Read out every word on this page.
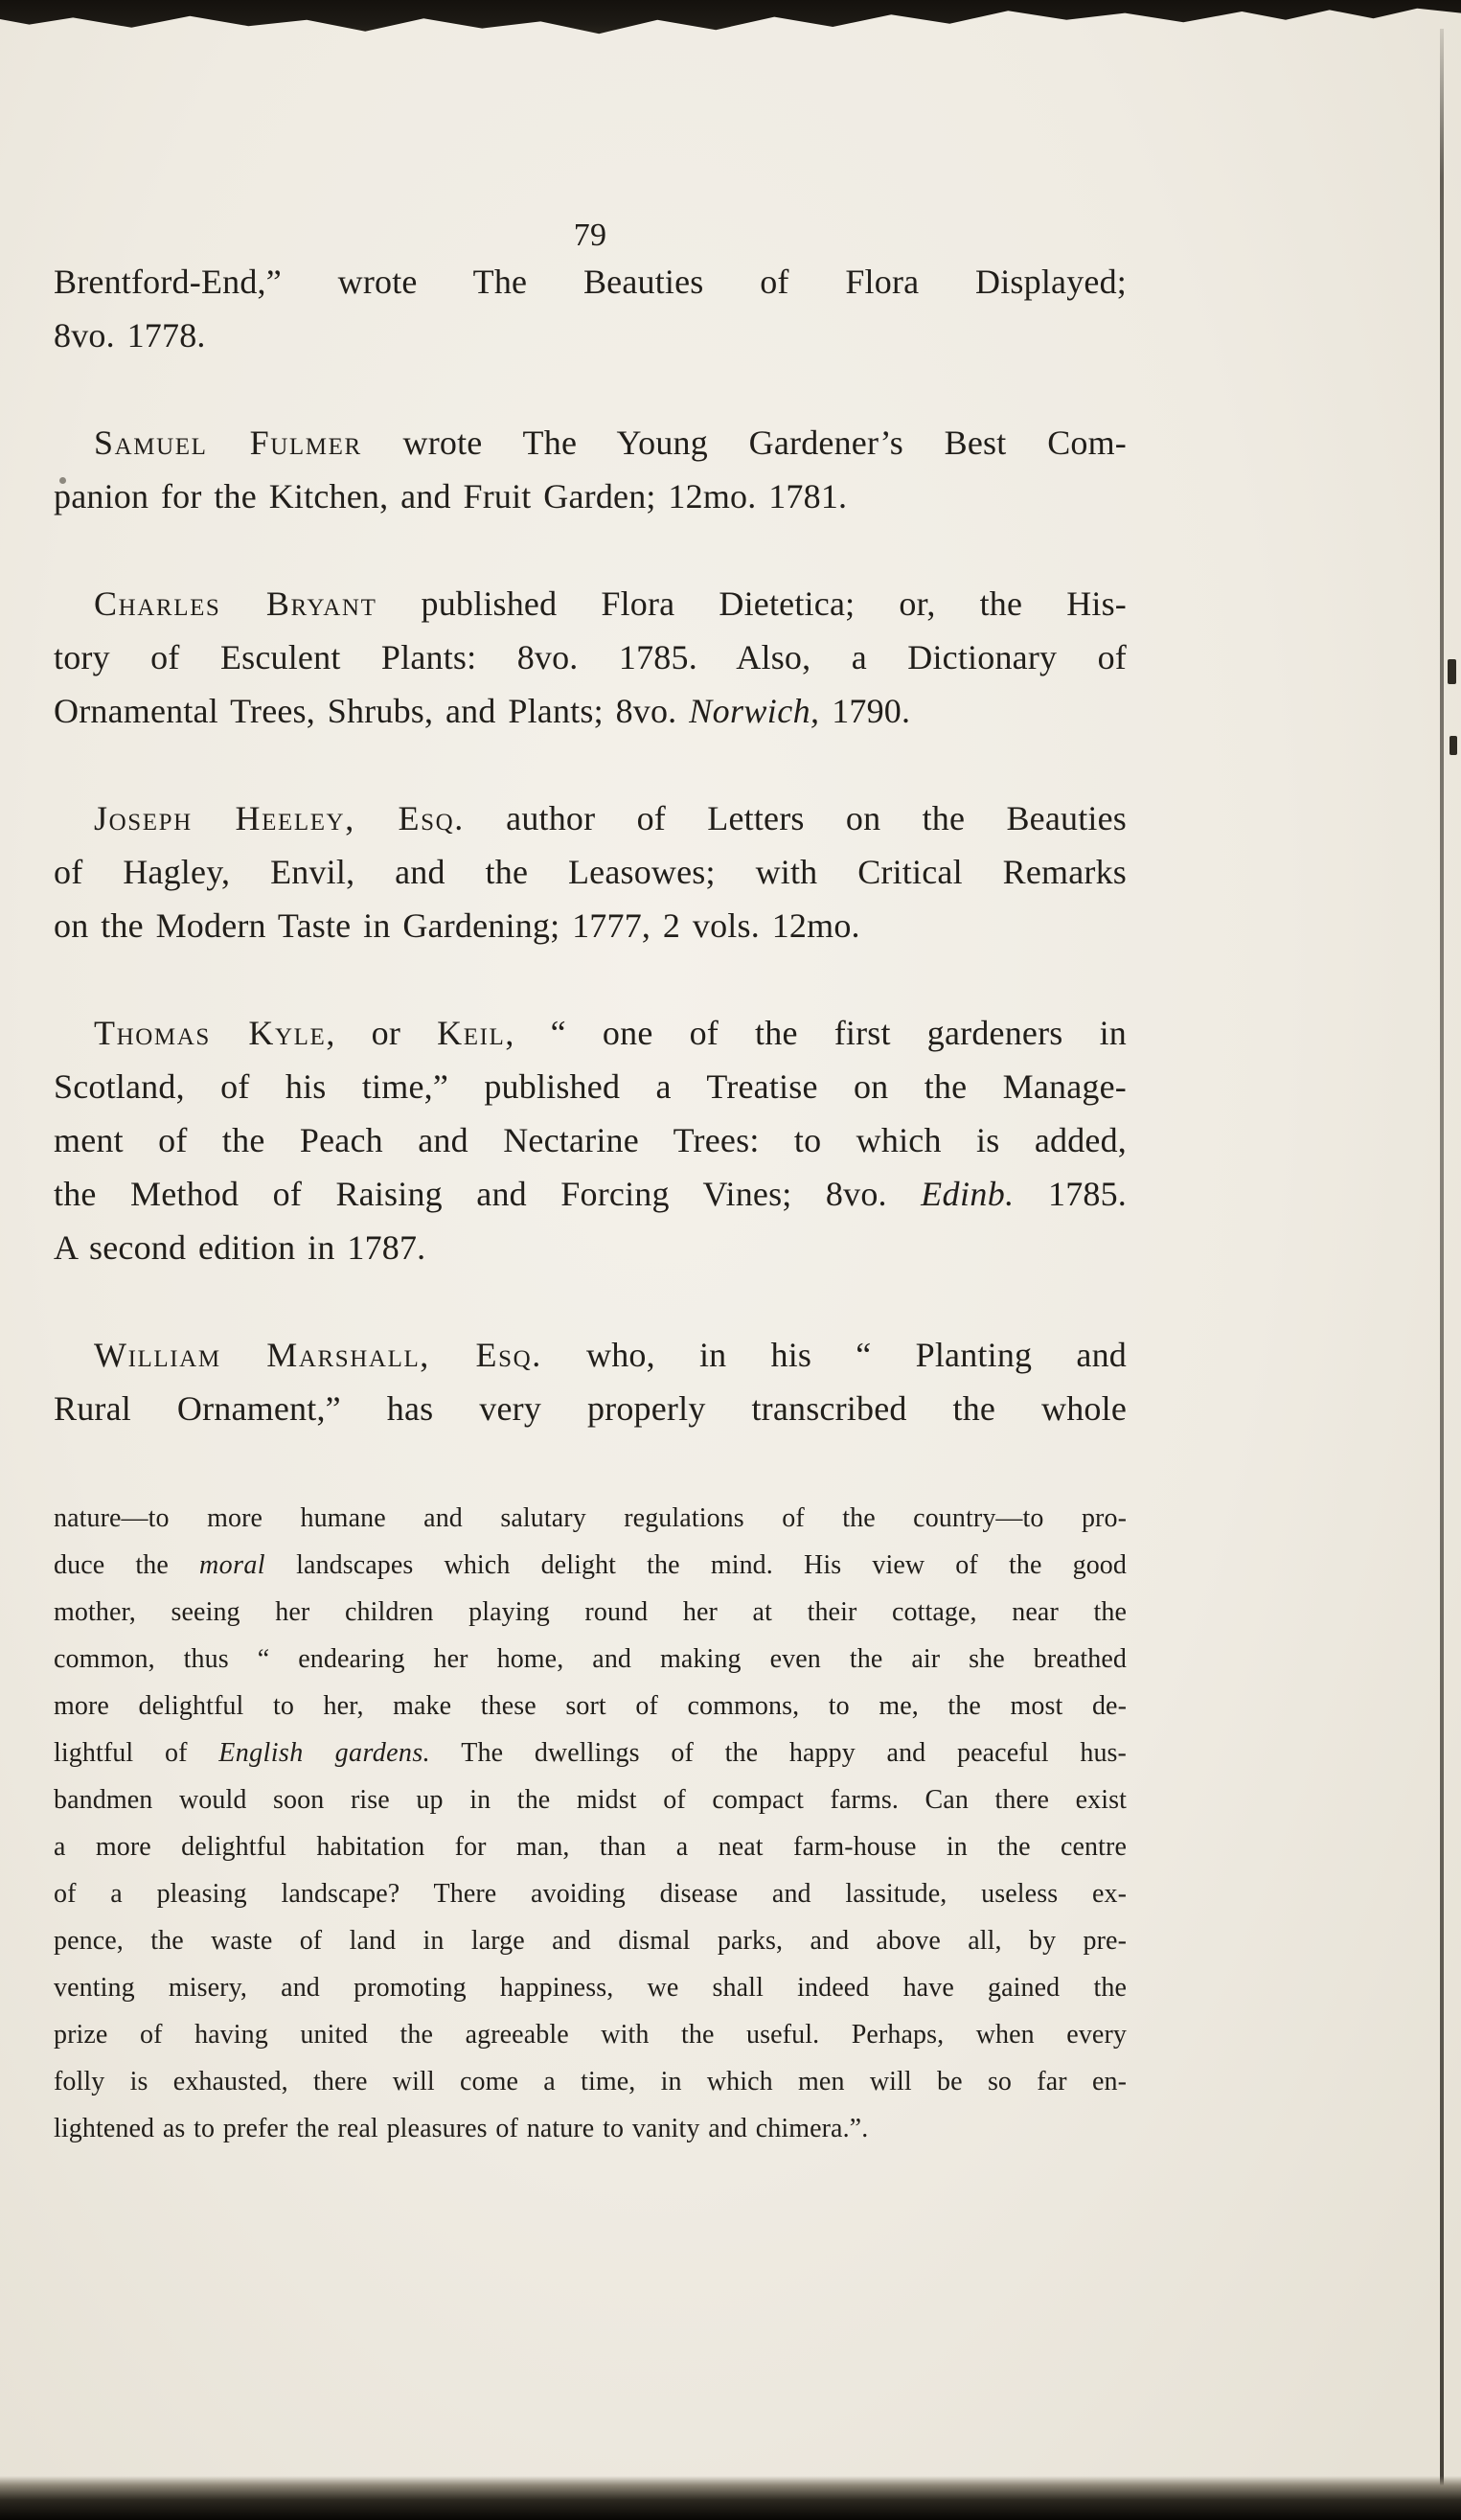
79
Brentford-End,” wrote The Beauties of Flora Displayed;
8vo. 1778.
Samuel Fulmer wrote The Young Gardener’s Best Com-
panion for the Kitchen, and Fruit Garden; 12mo. 1781.
Charles Bryant published Flora Dietetica; or, the His-
tory of Esculent Plants: 8vo. 1785. Also, a Dictionary of
Ornamental Trees, Shrubs, and Plants; 8vo. Norwich, 1790.
Joseph Heeley, Esq. author of Letters on the Beauties
of Hagley, Envil, and the Leasowes; with Critical Remarks
on the Modern Taste in Gardening; 1777, 2 vols. 12mo.
Thomas Kyle, or Keil, “ one of the first gardeners in
Scotland, of his time,” published a Treatise on the Manage-
ment of the Peach and Nectarine Trees: to which is added,
the Method of Raising and Forcing Vines; 8vo. Edinb. 1785.
A second edition in 1787.
William Marshall, Esq. who, in his “ Planting and
Rural Ornament,” has very properly transcribed the whole
nature—to more humane and salutary regulations of the country—to pro-
duce the moral landscapes which delight the mind. His view of the good
mother, seeing her children playing round her at their cottage, near the
common, thus “ endearing her home, and making even the air she breathed
more delightful to her, make these sort of commons, to me, the most de-
lightful of English gardens. The dwellings of the happy and peaceful hus-
bandmen would soon rise up in the midst of compact farms. Can there exist
a more delightful habitation for man, than a neat farm-house in the centre
of a pleasing landscape? There avoiding disease and lassitude, useless ex-
pence, the waste of land in large and dismal parks, and above all, by pre-
venting misery, and promoting happiness, we shall indeed have gained the
prize of having united the agreeable with the useful. Perhaps, when every
folly is exhausted, there will come a time, in which men will be so far en-
lightened as to prefer the real pleasures of nature to vanity and chimera.”.
